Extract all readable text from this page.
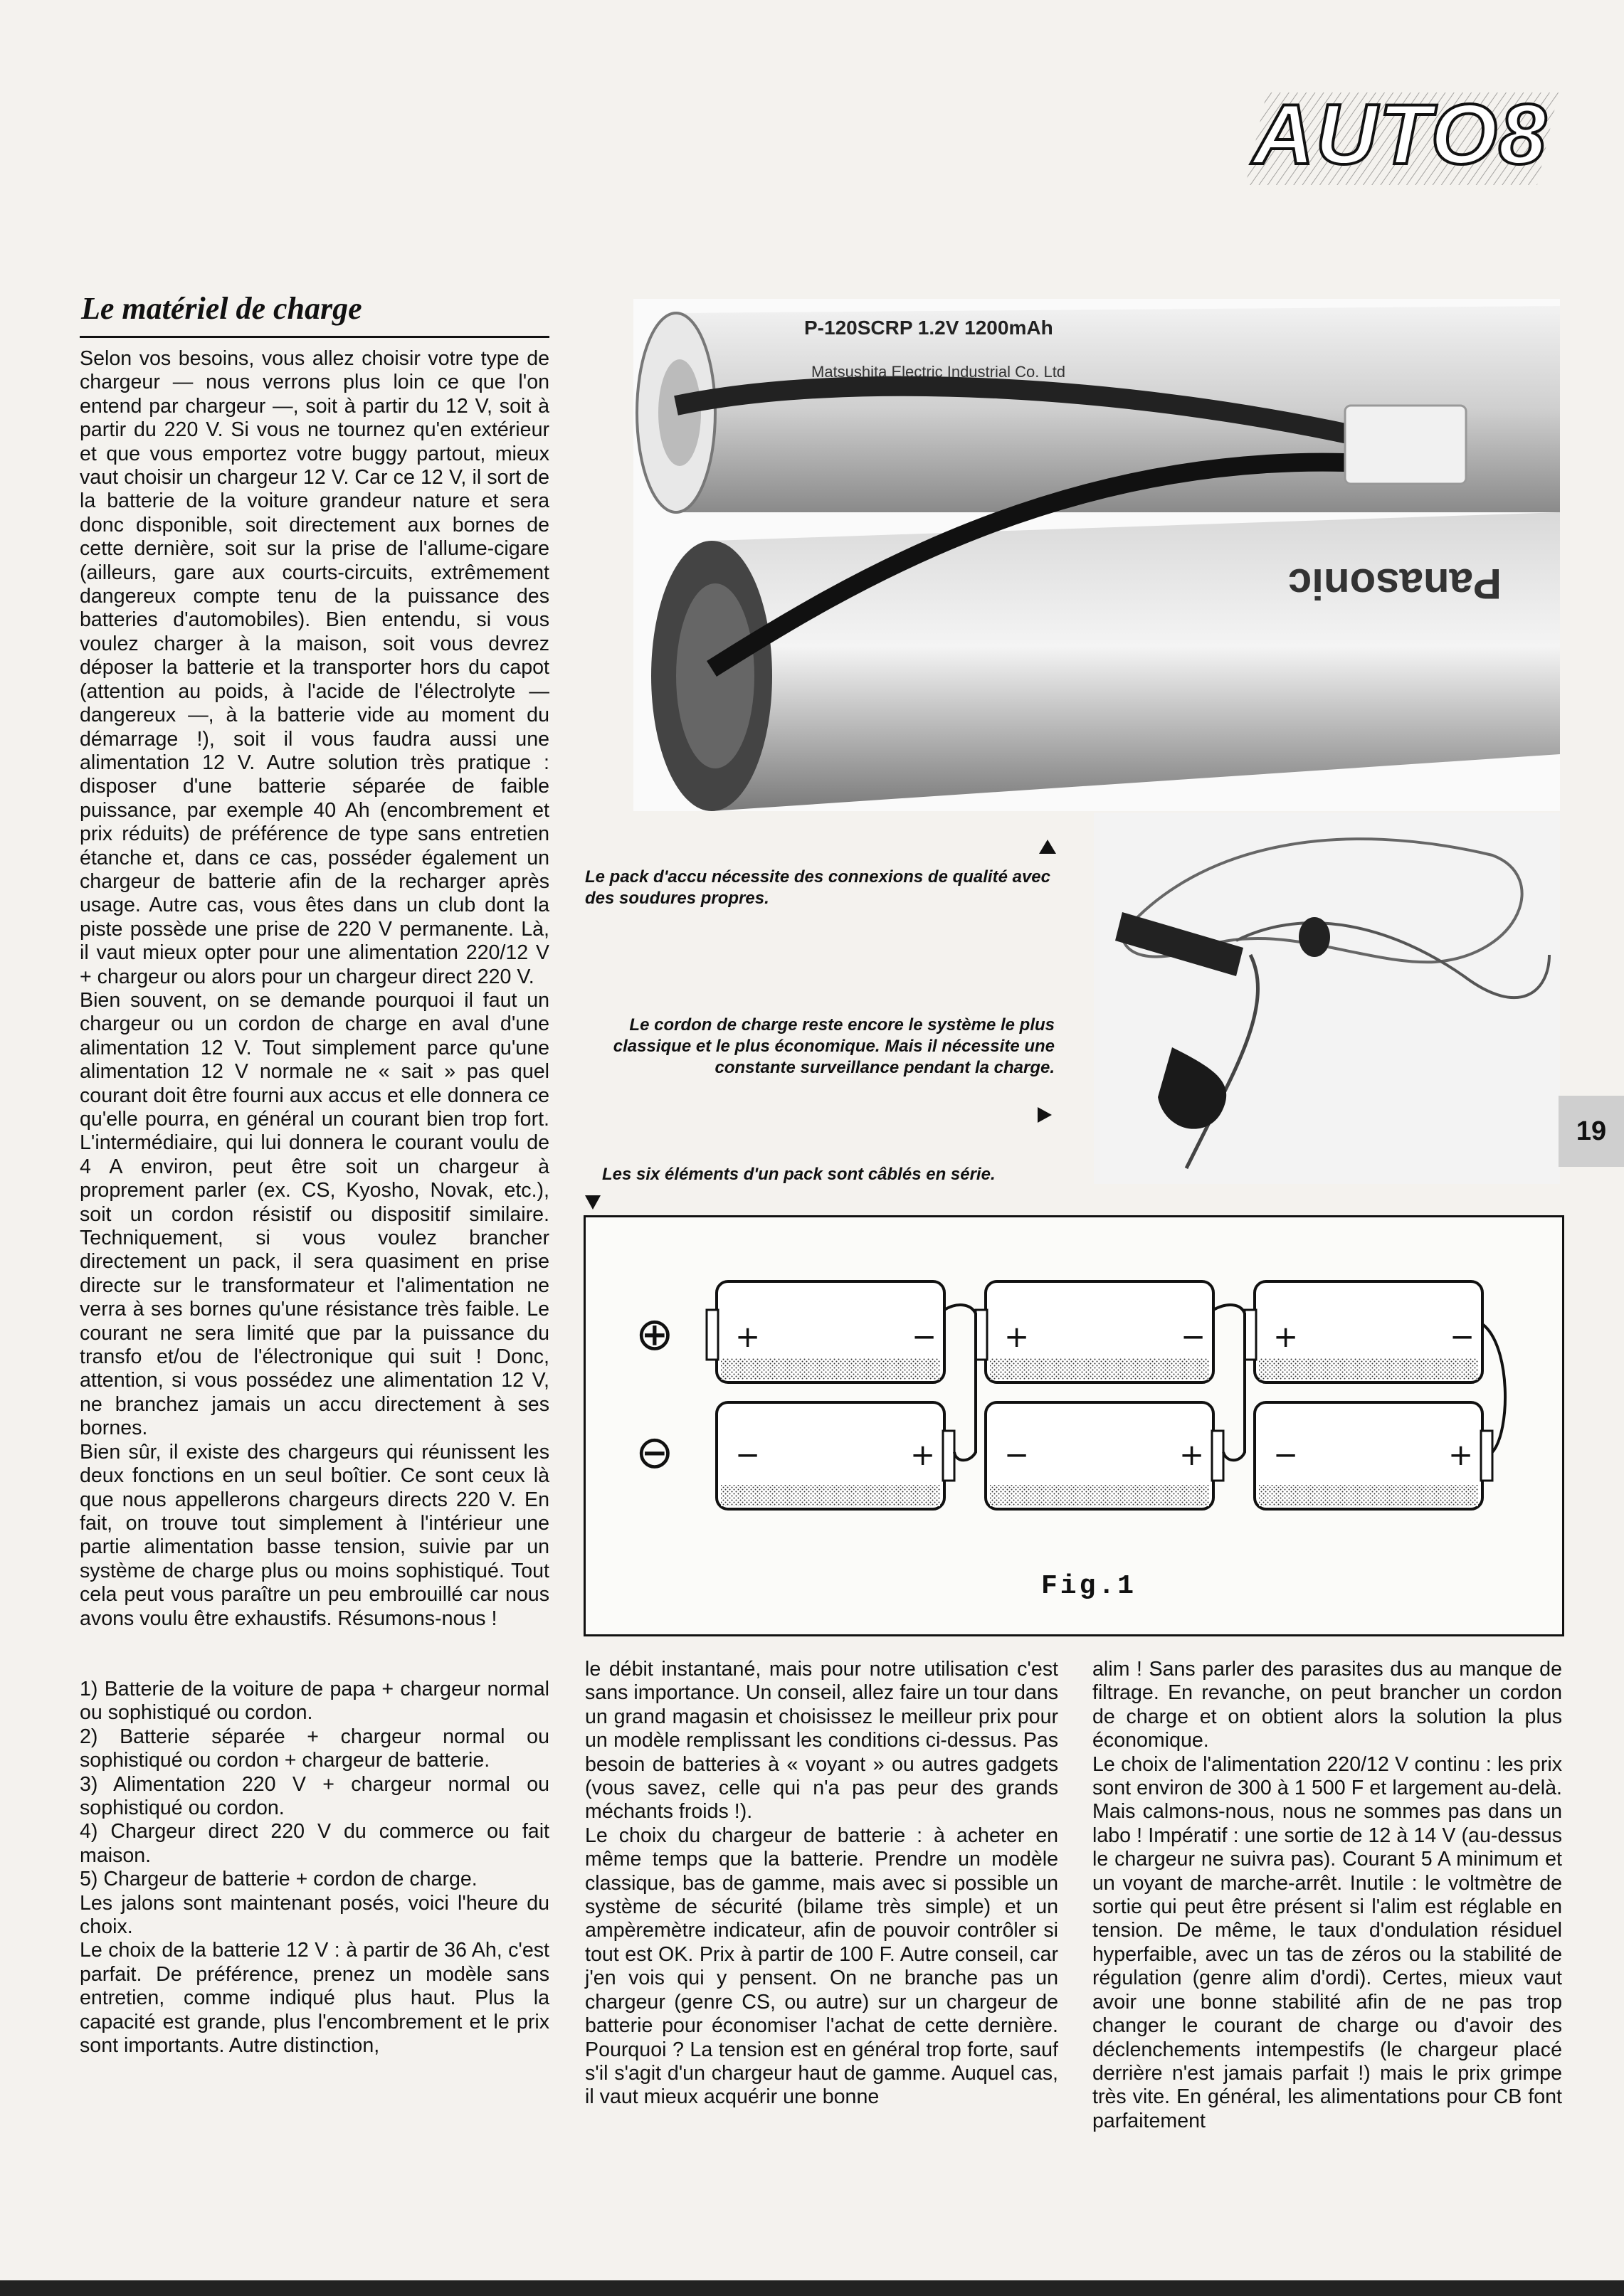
AUTO8
Le matériel de charge

Selon vos besoins, vous allez choisir votre type de chargeur — nous verrons plus loin ce que l'on entend par chargeur —, soit à partir du 12 V, soit à partir du 220 V. Si vous ne tournez qu'en extérieur et que vous emportez votre buggy partout, mieux vaut choisir un chargeur 12 V. Car ce 12 V, il sort de la batterie de la voiture grandeur nature et sera donc disponible, soit directement aux bornes de cette dernière, soit sur la prise de l'allume-cigare (ailleurs, gare aux courts-circuits, extrêmement dangereux compte tenu de la puissance des batteries d'automobiles). Bien entendu, si vous voulez charger à la maison, soit vous devrez déposer la batterie et la transporter hors du capot (attention au poids, à l'acide de l'électrolyte — dangereux —, à la batterie vide au moment du démarrage !), soit il vous faudra aussi une alimentation 12 V. Autre solution très pratique : disposer d'une batterie séparée de faible puissance, par exemple 40 Ah (encombrement et prix réduits) de préférence de type sans entretien étanche et, dans ce cas, posséder également un chargeur de batterie afin de la recharger après usage. Autre cas, vous êtes dans un club dont la piste possède une prise de 220 V permanente. Là, il vaut mieux opter pour une alimentation 220/12 V + chargeur ou alors pour un chargeur direct 220 V.

Bien souvent, on se demande pourquoi il faut un chargeur ou un cordon de charge en aval d'une alimentation 12 V. Tout simplement parce qu'une alimentation 12 V normale ne « sait » pas quel courant doit être fourni aux accus et elle donnera ce qu'elle pourra, en général un courant bien trop fort. L'intermédiaire, qui lui donnera le courant voulu de 4 A environ, peut être soit un chargeur à proprement parler (ex. CS, Kyosho, Novak, etc.), soit un cordon résistif ou dispositif similaire. Techniquement, si vous voulez brancher directement un pack, il sera quasiment en prise directe sur le transformateur et l'alimentation ne verra à ses bornes qu'une résistance très faible. Le courant ne sera limité que par la puissance du transfo et/ou de l'électronique qui suit ! Donc, attention, si vous possédez une alimentation 12 V, ne branchez jamais un accu directement à ses bornes.

Bien sûr, il existe des chargeurs qui réunissent les deux fonctions en un seul boîtier. Ce sont ceux là que nous appellerons chargeurs directs 220 V. En fait, on trouve tout simplement à l'intérieur une partie alimentation basse tension, suivie par un système de charge plus ou moins sophistiqué. Tout cela peut vous paraître un peu embrouillé car nous avons voulu être exhaustifs. Résumons-nous !

1) Batterie de la voiture de papa + chargeur normal ou sophistiqué ou cordon.

2) Batterie séparée + chargeur normal ou sophistiqué ou cordon + chargeur de batterie.

3) Alimentation 220 V + chargeur normal ou sophistiqué ou cordon.

4) Chargeur direct 220 V du commerce ou fait maison.

5) Chargeur de batterie + cordon de charge.

Les jalons sont maintenant posés, voici l'heure du choix.

Le choix de la batterie 12 V : à partir de 36 Ah, c'est parfait. De préférence, prenez un modèle sans entretien, comme indiqué plus haut. Plus la capacité est grande, plus l'encombrement et le prix sont importants. Autre distinction,

P-120SCRP 1.2V 1200mAh
Matsushita Electric Industrial Co. Ltd
Panasonic
Le pack d'accu nécessite des connexions de qualité avec des soudures propres.
Le cordon de charge reste encore le système le plus classique et le plus économique. Mais il nécessite une constante surveillance pendant la charge.
Les six éléments d'un pack sont câblés en série.
19
+	− +	− +	−
−	+ −	+ −	+
⊕
⊖
Fig.1

le débit instantané, mais pour notre utilisation c'est sans importance. Un conseil, allez faire un tour dans un grand magasin et choisissez le meilleur prix pour un modèle remplissant les conditions ci-dessus. Pas besoin de batteries à « voyant » ou autres gadgets (vous savez, celle qui n'a pas peur des grands méchants froids !).

Le choix du chargeur de batterie : à acheter en même temps que la batterie. Prendre un modèle classique, bas de gamme, mais avec si possible un système de sécurité (bilame très simple) et un ampèremètre indicateur, afin de pouvoir contrôler si tout est OK. Prix à partir de 100 F. Autre conseil, car j'en vois qui y pensent. On ne branche pas un chargeur (genre CS, ou autre) sur un chargeur de batterie pour économiser l'achat de cette dernière. Pourquoi ? La tension est en général trop forte, sauf s'il s'agit d'un chargeur haut de gamme. Auquel cas, il vaut mieux acquérir une bonne

alim ! Sans parler des parasites dus au manque de filtrage. En revanche, on peut brancher un cordon de charge et on obtient alors la solution la plus économique.

Le choix de l'alimentation 220/12 V continu : les prix sont environ de 300 à 1 500 F et largement au-delà. Mais calmons-nous, nous ne sommes pas dans un labo ! Impératif : une sortie de 12 à 14 V (au-dessus le chargeur ne suivra pas). Courant 5 A minimum et un voyant de marche-arrêt. Inutile : le voltmètre de sortie qui peut être présent si l'alim est réglable en tension. De même, le taux d'ondulation résiduel hyperfaible, avec un tas de zéros ou la stabilité de régulation (genre alim d'ordi). Certes, mieux vaut avoir une bonne stabilité afin de ne pas trop changer le courant de charge ou d'avoir des déclenchements intempestifs (le chargeur placé derrière n'est jamais parfait !) mais le prix grimpe très vite. En général, les alimentations pour CB font parfaitement
